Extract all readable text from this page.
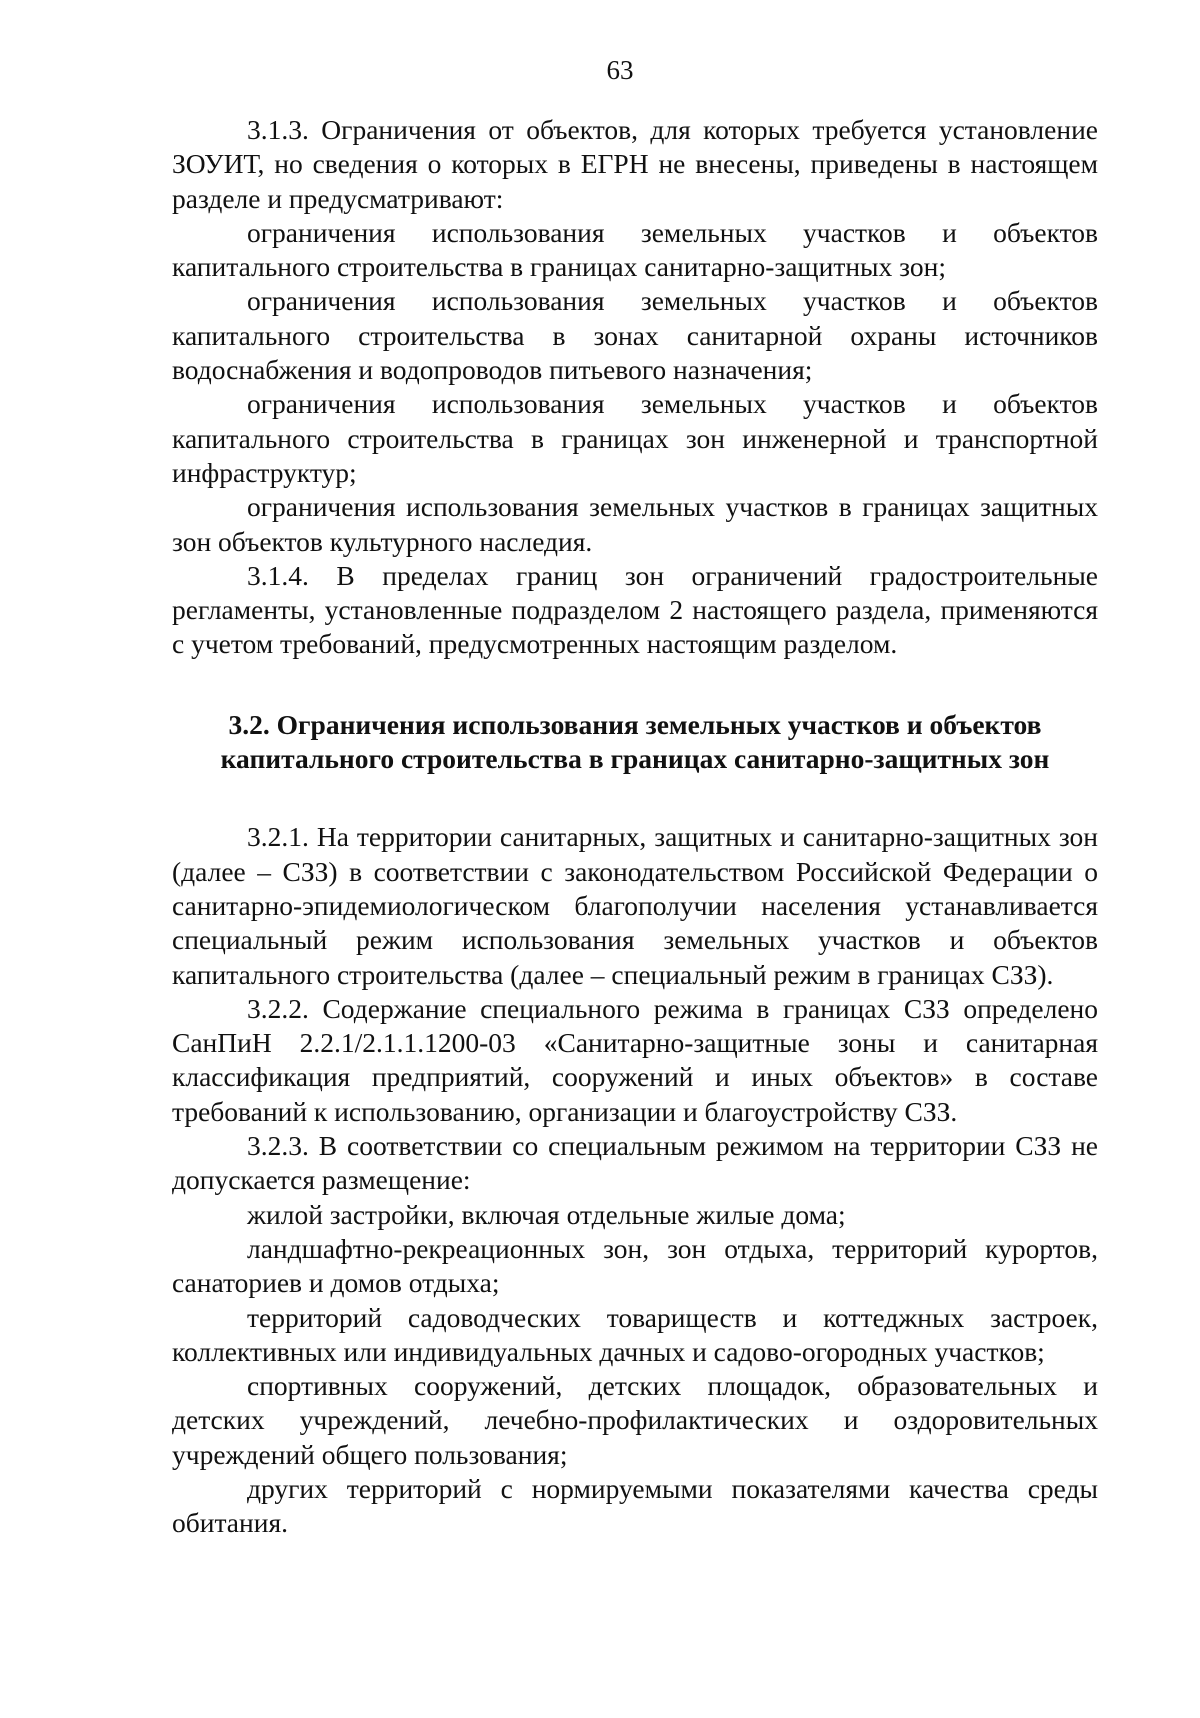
63

3.1.3. Ограничения от объектов, для которых требуется установление ЗОУИТ, но сведения о которых в ЕГРН не внесены, приведены в настоящем разделе и предусматривают:

ограничения использования земельных участков и объектов капитального строительства в границах санитарно-защитных зон;

ограничения использования земельных участков и объектов капитального строительства в зонах санитарной охраны источников водоснабжения и водопроводов питьевого назначения;

ограничения использования земельных участков и объектов капитального строительства в границах зон инженерной и транспортной инфраструктур;

ограничения использования земельных участков в границах защитных зон объектов культурного наследия.

3.1.4. В пределах границ зон ограничений градостроительные регламенты, установленные подразделом 2 настоящего раздела, применяются с учетом требований, предусмотренных настоящим разделом.

3.2. Ограничения использования земельных участков и объектов
капитального строительства в границах санитарно-защитных зон

3.2.1. На территории санитарных, защитных и санитарно-защитных зон (далее – СЗЗ) в соответствии с законодательством Российской Федерации о санитарно-эпидемиологическом благополучии населения устанавливается специальный режим использования земельных участков и объектов капитального строительства (далее – специальный режим в границах СЗЗ).

3.2.2. Содержание специального режима в границах СЗЗ определено СанПиН 2.2.1/2.1.1.1200-03 «Санитарно-защитные зоны и санитарная классификация предприятий, сооружений и иных объектов» в составе требований к использованию, организации и благоустройству СЗЗ.

3.2.3. В соответствии со специальным режимом на территории СЗЗ не допускается размещение:

жилой застройки, включая отдельные жилые дома;

ландшафтно-рекреационных зон, зон отдыха, территорий курортов, санаториев и домов отдыха;

территорий садоводческих товариществ и коттеджных застроек, коллективных или индивидуальных дачных и садово-огородных участков;

спортивных сооружений, детских площадок, образовательных и детских учреждений, лечебно-профилактических и оздоровительных учреждений общего пользования;

других территорий с нормируемыми показателями качества среды обитания.
